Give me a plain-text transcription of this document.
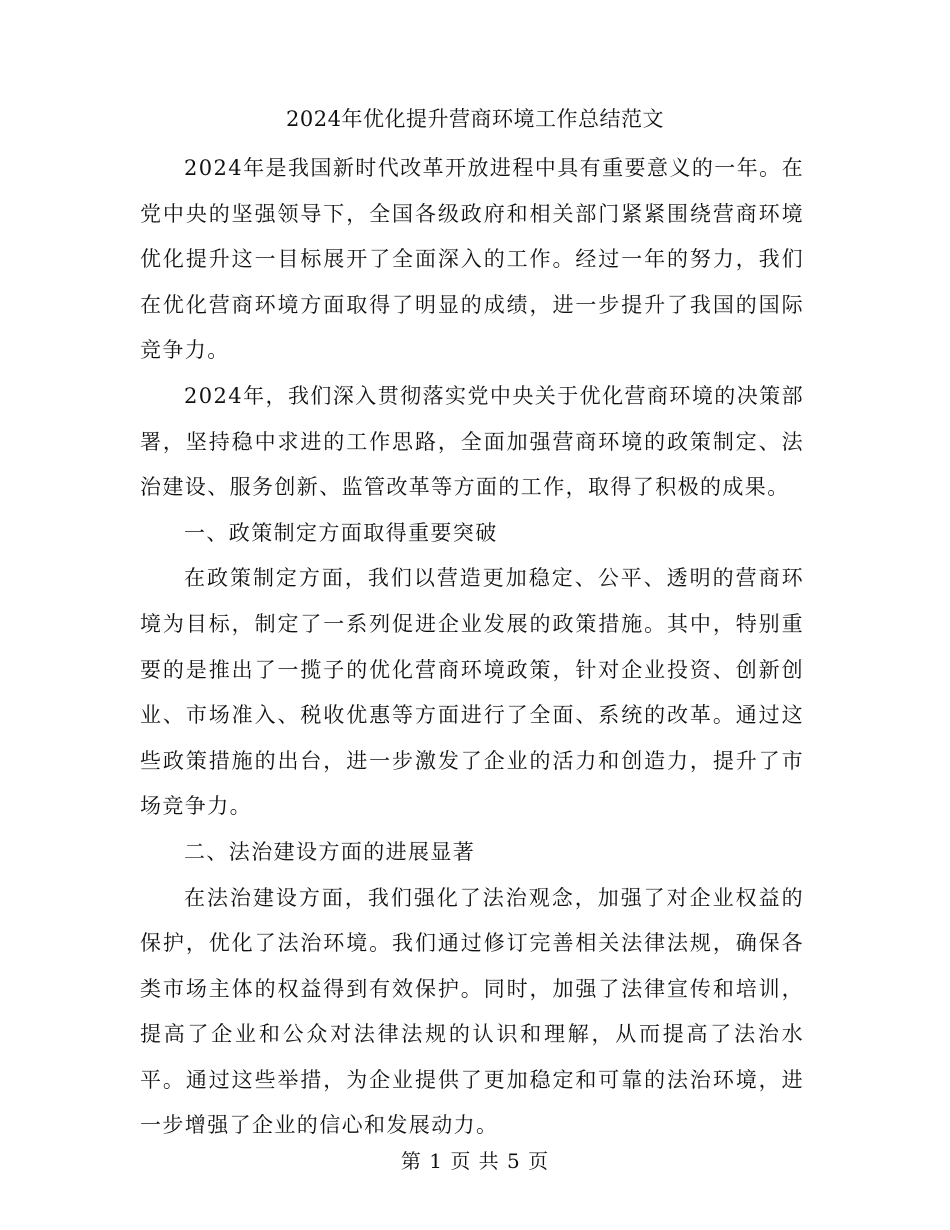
2024年优化提升营商环境工作总结范文

2024年是我国新时代改革开放进程中具有重要意义的一年。在党中央的坚强领导下，全国各级政府和相关部门紧紧围绕营商环境优化提升这一目标展开了全面深入的工作。经过一年的努力，我们在优化营商环境方面取得了明显的成绩，进一步提升了我国的国际竞争力。

2024年，我们深入贯彻落实党中央关于优化营商环境的决策部署，坚持稳中求进的工作思路，全面加强营商环境的政策制定、法治建设、服务创新、监管改革等方面的工作，取得了积极的成果。

一、政策制定方面取得重要突破

在政策制定方面，我们以营造更加稳定、公平、透明的营商环境为目标，制定了一系列促进企业发展的政策措施。其中，特别重要的是推出了一揽子的优化营商环境政策，针对企业投资、创新创业、市场准入、税收优惠等方面进行了全面、系统的改革。通过这些政策措施的出台，进一步激发了企业的活力和创造力，提升了市场竞争力。

二、法治建设方面的进展显著

在法治建设方面，我们强化了法治观念，加强了对企业权益的保护，优化了法治环境。我们通过修订完善相关法律法规，确保各类市场主体的权益得到有效保护。同时，加强了法律宣传和培训，提高了企业和公众对法律法规的认识和理解，从而提高了法治水平。通过这些举措，为企业提供了更加稳定和可靠的法治环境，进一步增强了企业的信心和发展动力。

第 1 页 共 5 页
